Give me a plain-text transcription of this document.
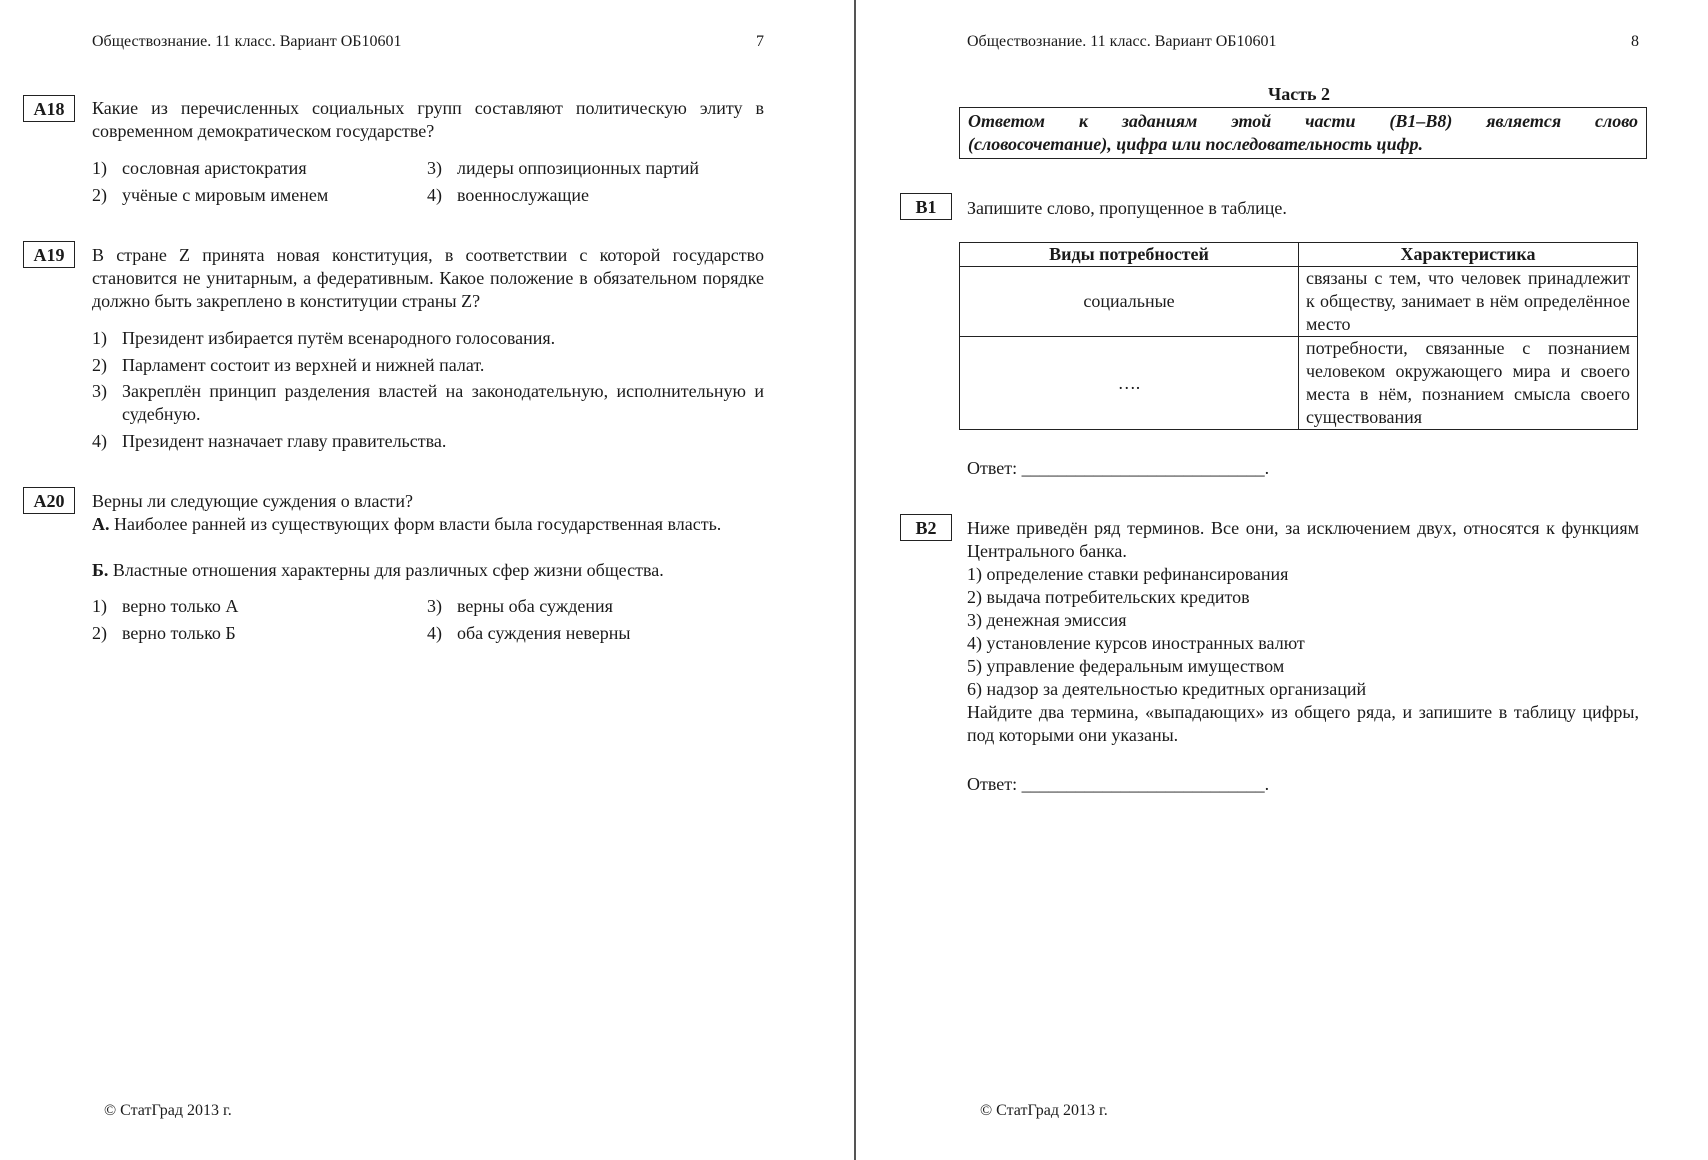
Обществознание. 11 класс. Вариант ОБ10601	7
A18	Какие из перечисленных социальных групп составляют политическую элиту в современном демократическом государстве?
1) сословная аристократия
2) учёные с мировым именем
3) лидеры оппозиционных партий
4) военнослужащие
A19	В стране Z принята новая конституция, в соответствии с которой государство становится не унитарным, а федеративным. Какое положение в обязательном порядке должно быть закреплено в конституции страны Z?
1) Президент избирается путём всенародного голосования.
2) Парламент состоит из верхней и нижней палат.
3) Закреплён принцип разделения властей на законодательную, исполнительную и судебную.
4) Президент назначает главу правительства.
A20	Верны ли следующие суждения о власти?
А. Наиболее ранней из существующих форм власти была государственная власть.
Б. Властные отношения характерны для различных сфер жизни общества.
1) верно только А
2) верно только Б
3) верны оба суждения
4) оба суждения неверны
© СтатГрад 2013 г.
Обществознание. 11 класс. Вариант ОБ10601	8
Часть 2
Ответом к заданиям этой части (В1–В8) является слово
(словосочетание), цифра или последовательность цифр.
B1	Запишите слово, пропущенное в таблице.
Виды потребностей	Характеристика
социальные	связаны с тем, что человек принадлежит к обществу, занимает в нём определённое место
….	потребности, связанные с познанием человеком окружающего мира и своего места в нём, познанием смысла своего существования
Ответ: ___________________________.
B2	Ниже приведён ряд терминов. Все они, за исключением двух, относятся к функциям Центрального банка.
1) определение ставки рефинансирования
2) выдача потребительских кредитов
3) денежная эмиссия
4) установление курсов иностранных валют
5) управление федеральным имуществом
6) надзор за деятельностью кредитных организаций
Найдите два термина, «выпадающих» из общего ряда, и запишите в таблицу цифры, под которыми они указаны.
Ответ: ___________________________.
© СтатГрад 2013 г.
